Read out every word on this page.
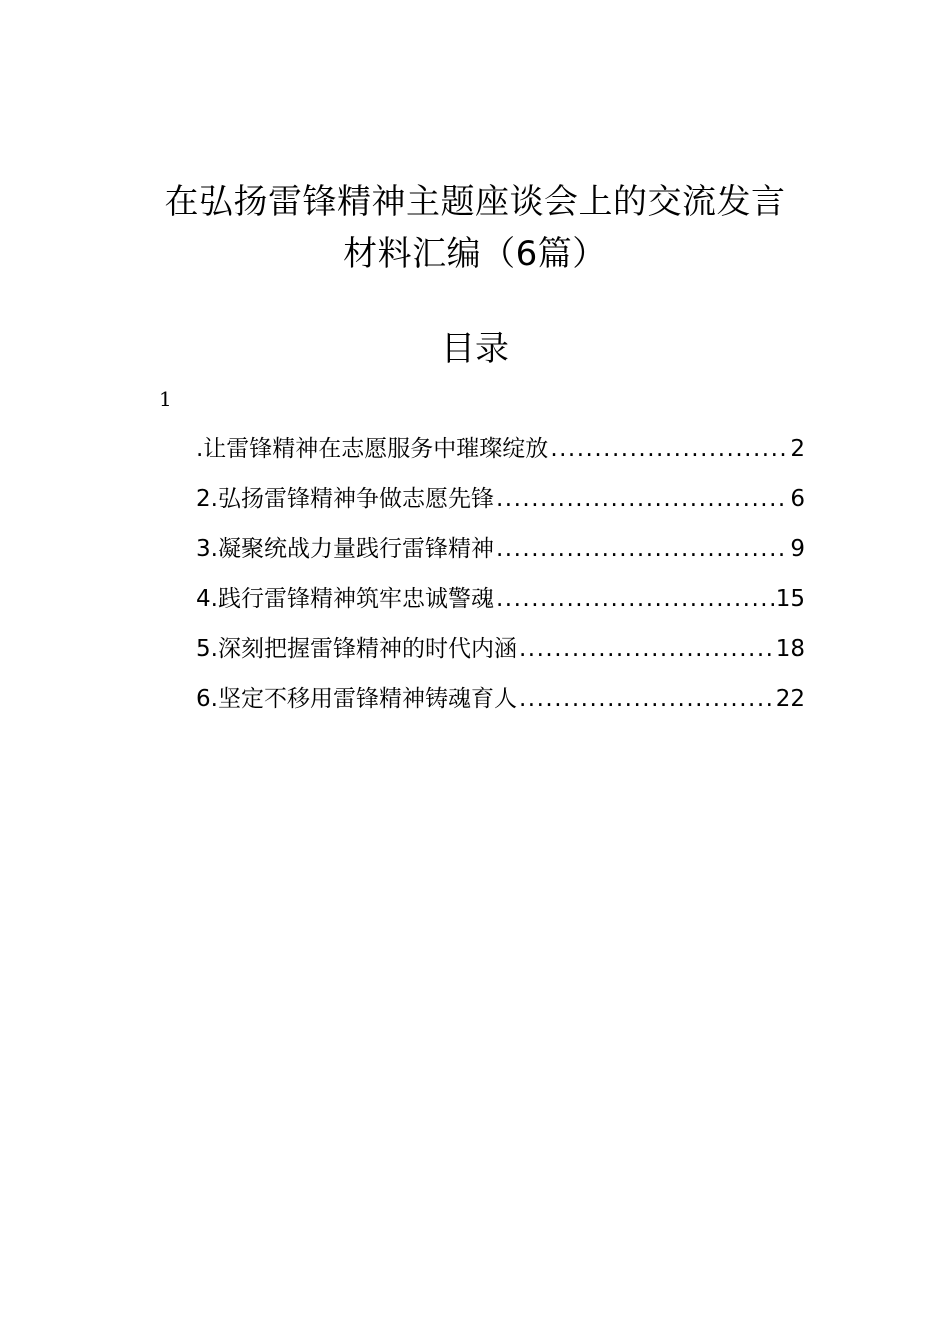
在弘扬雷锋精神主题座谈会上的交流发言
材料汇编（6篇）
目录
1
.让雷锋精神在志愿服务中璀璨绽放 .....	2
2.弘扬雷锋精神争做志愿先锋 .....	6
3.凝聚统战力量践行雷锋精神 .....	9
4.践行雷锋精神筑牢忠诚警魂 .....	15
5.深刻把握雷锋精神的时代内涵 .....	18
6.坚定不移用雷锋精神铸魂育人 .....	22
